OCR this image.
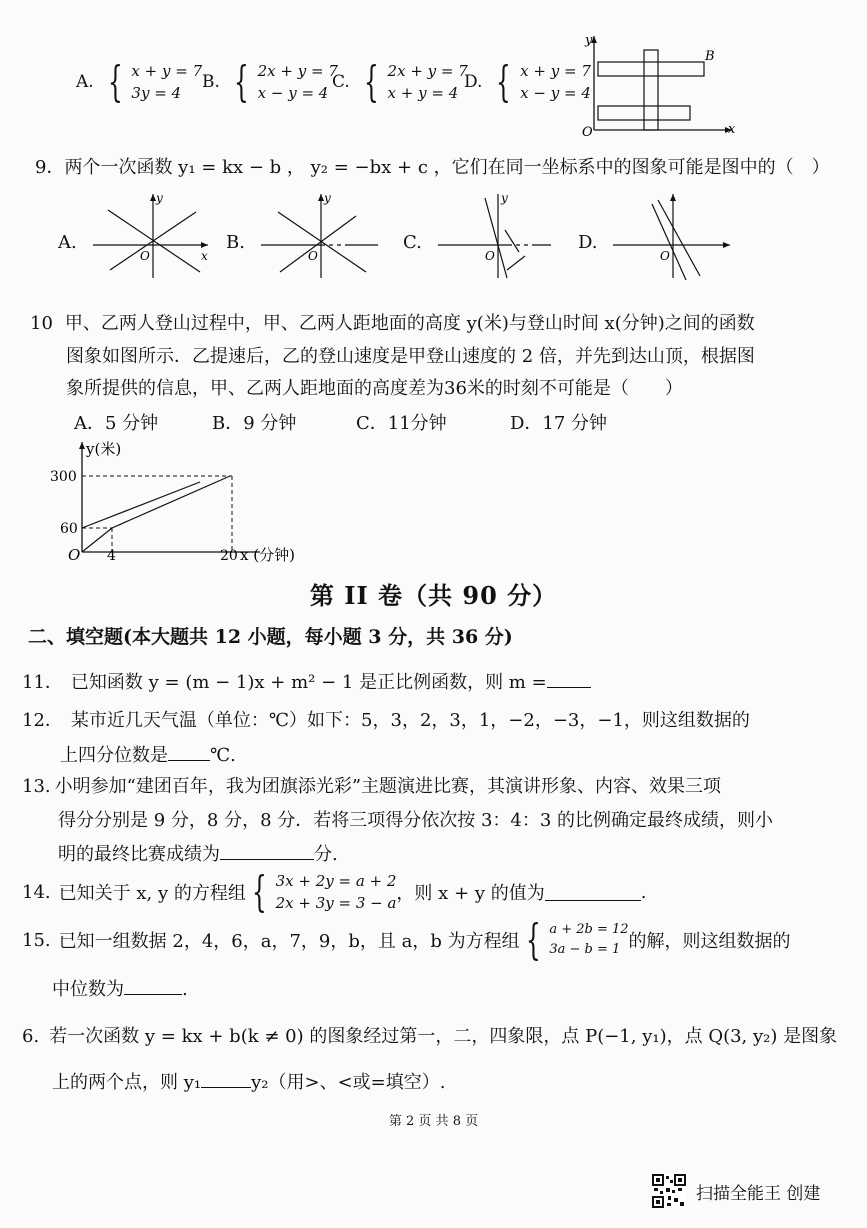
A. { x + y = 7
3y = 4
B. { 2x + y = 7
x − y = 4
C. { 2x + y = 7
x + y = 4
D. { x + y = 7
x − y = 4
y
O	x
B
9．两个一次函数 y₁ = kx − b ， y₂ = −bx + c ，它们在同一坐标系中的图象可能是图中的（　）
A.
y
O	x
B.
y
O
C.
y
O
D.
O
10 甲、乙两人登山过程中，甲、乙两人距地面的高度 y(米)与登山时间 x(分钟)之间的函数
图象如图所示．乙提速后，乙的登山速度是甲登山速度的 2 倍，并先到达山顶，根据图
象所提供的信息，甲、乙两人距地面的高度差为36米的时刻不可能是（　　）
A．5 分钟	B．9 分钟	C．11分钟	D．17 分钟
y(米)
300
60
O 4	20 x (分钟)
第 II 卷（共 90 分）
二、填空题(本大题共 12 小题，每小题 3 分，共 36 分)
11． 已知函数 y = (m − 1)x + m² − 1 是正比例函数，则 m =
12． 某市近几天气温（单位：℃）如下：5，3，2，3，1，−2，−3，−1，则这组数据的
上四分位数是 ℃.
13. 小明参加“建团百年，我为团旗添光彩”主题演进比赛，其演讲形象、内容、效果三项
得分分别是 9 分，8 分，8 分．若将三项得分依次按 3：4：3 的比例确定最终成绩，则小
明的最终比赛成绩为	分.
14. 已知关于 x, y 的方程组 { 3x + 2y = a + 2
2x + 3y = 3 − a ，则 x + y 的值为	.
15. 已知一组数据 2，4，6，a，7，9，b，且 a，b 为方程组 { a + 2b = 12
3a − b = 1 的解，则这组数据的
中位数为	.
6. 若一次函数 y = kx + b(k ≠ 0) 的图象经过第一，二，四象限，点 P(−1, y₁)，点 Q(3, y₂) 是图象
上的两个点，则 y₁	y₂（用>、<或=填空）.
第 2 页 共 8 页
扫描全能王 创建
